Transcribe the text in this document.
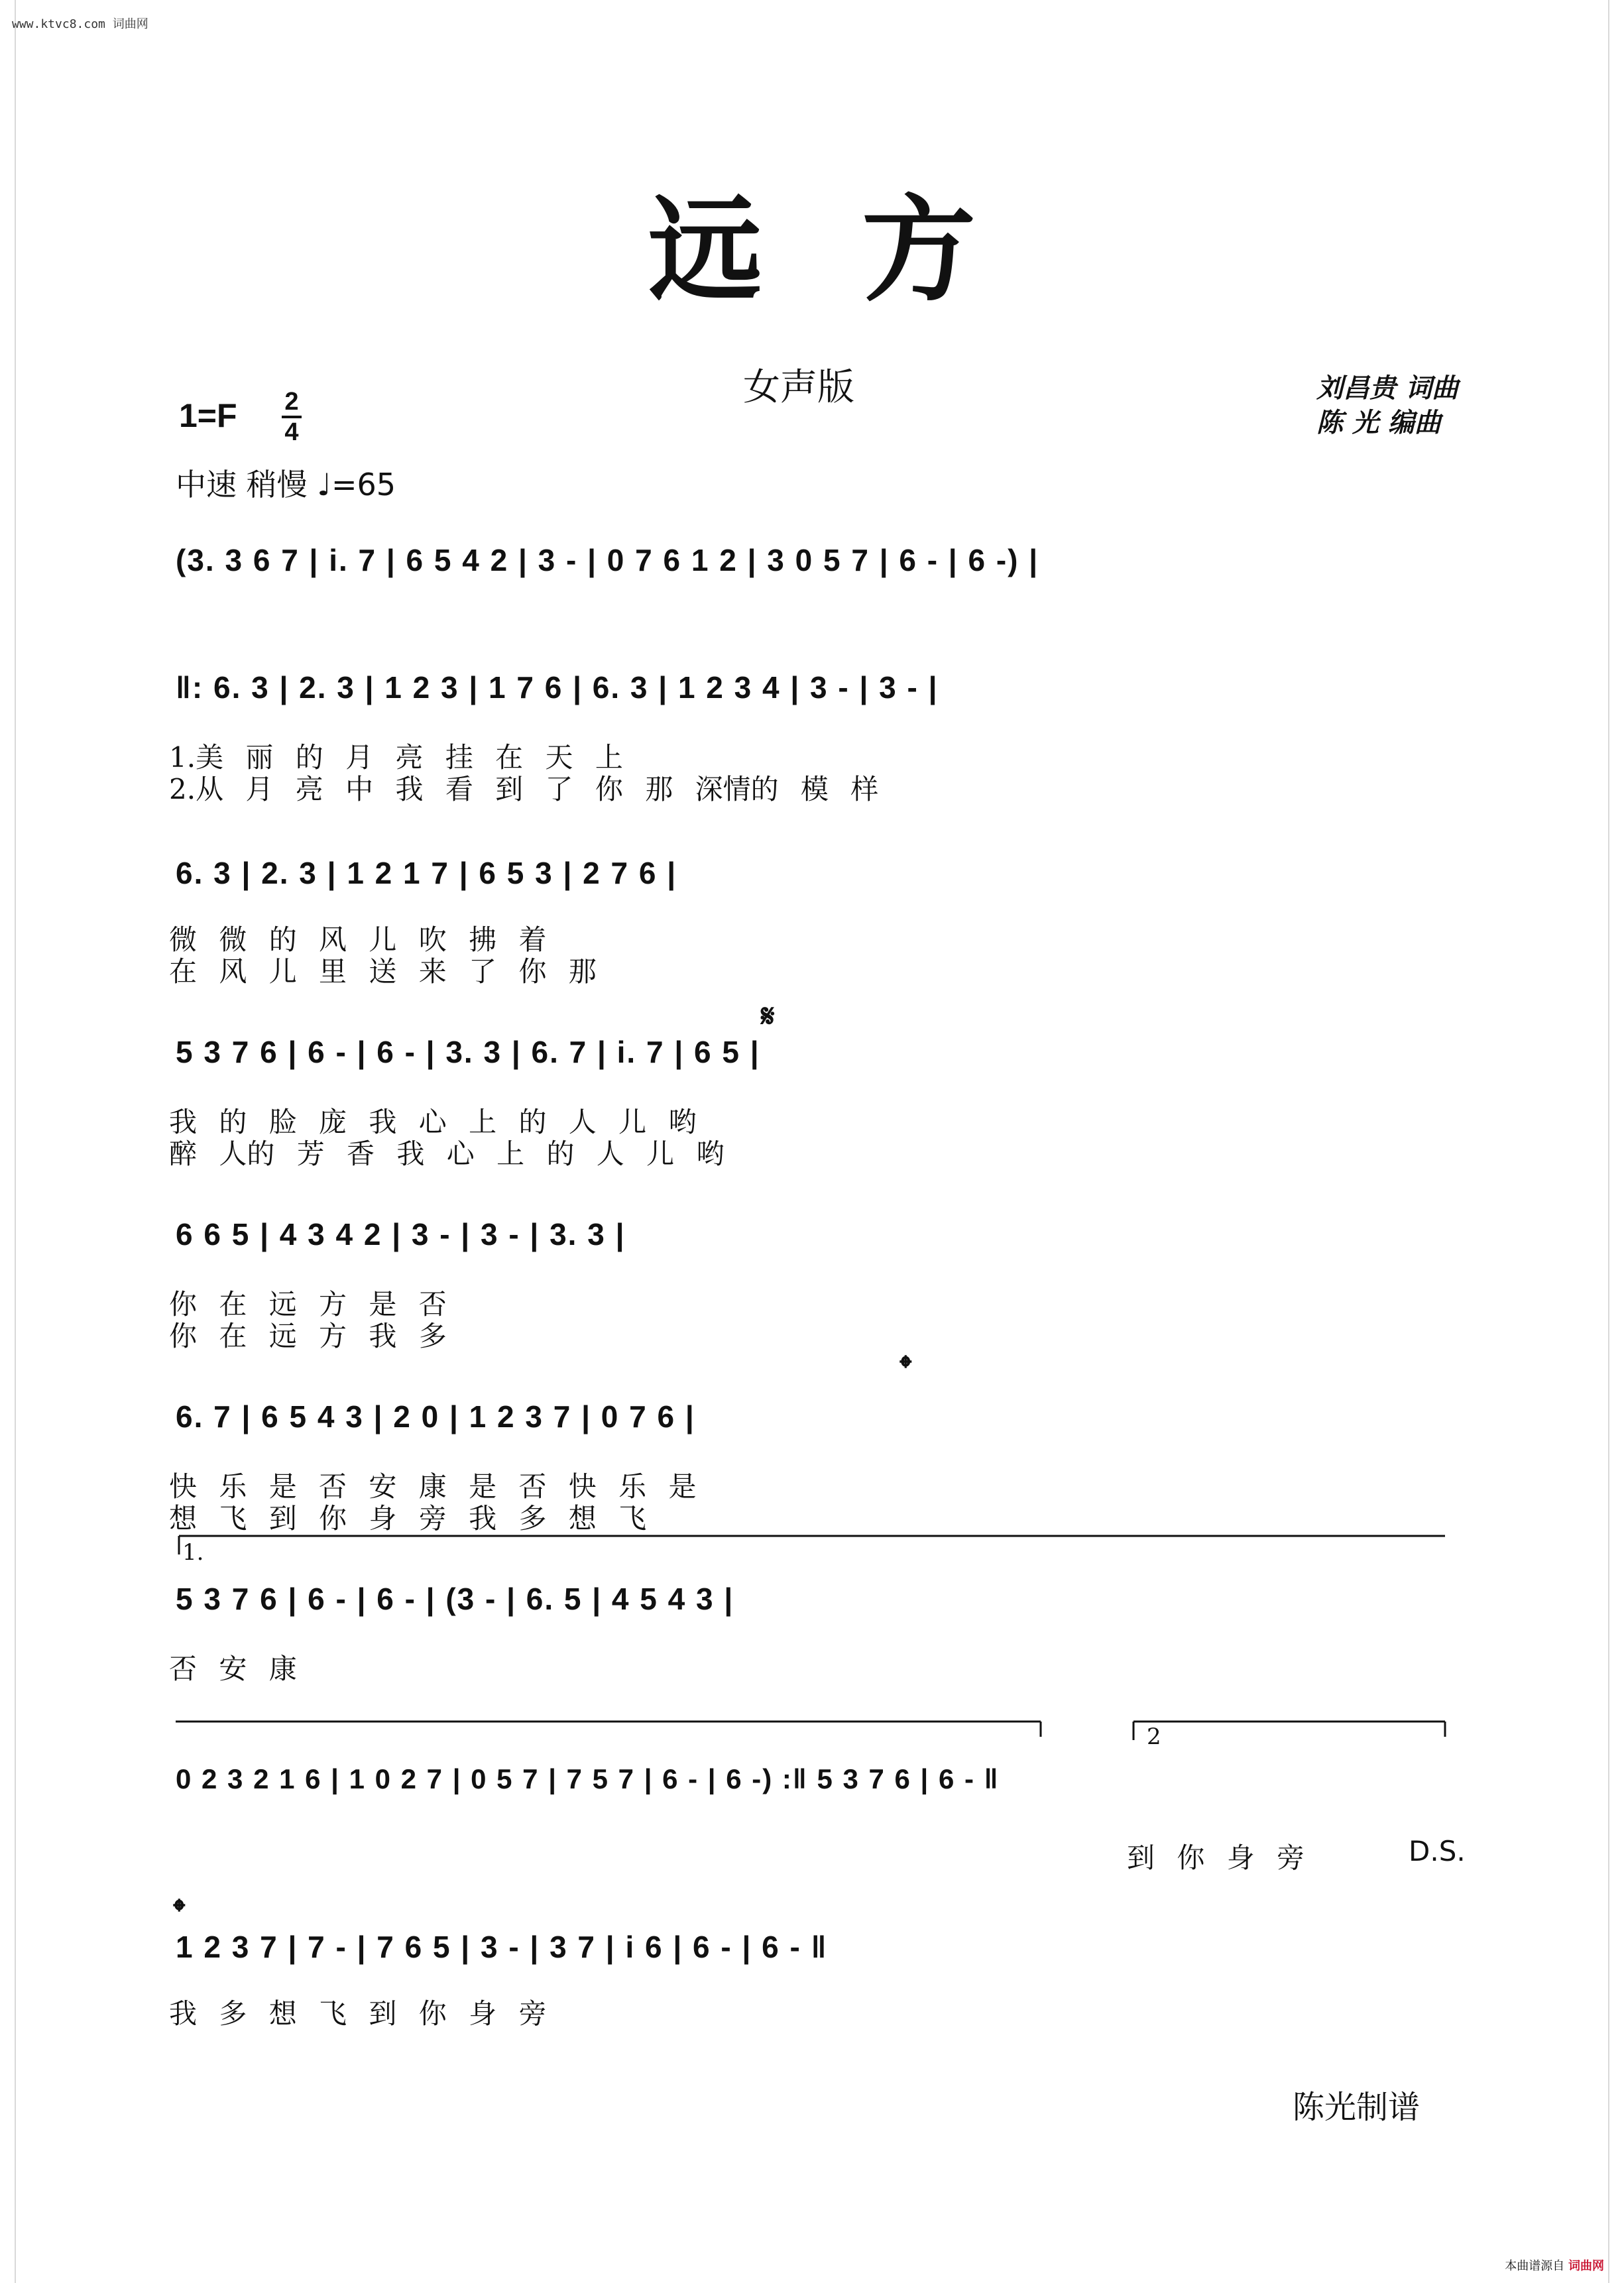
www.ktvc8.com 词曲网
远方
女声版	刘昌贵 词曲
陈 光 编曲
1=F 2
4
中速 稍慢 ♩=65
(3. 3 6 7 | i. 7 | 6 5 4 2 | 3 - | 0 7 6 1 2 | 3 0 5 7 | 6 - | 6 -) |
‖: 6. 3 | 2. 3 | 1 2 3 | 1 7 6 | 6. 3 | 1 2 3 4 | 3 - | 3 - |
1.美 丽 的 月 亮 挂 在 天 上
2.从 月 亮 中 我 看 到 了 你 那 深情的 模 样
6. 3 | 2. 3 | 1 2 1 7 | 6 5 3 | 2 7 6 |
微 微 的 风 儿 吹 拂 着
在 风 儿 里 送 来 了 你 那
𝄋
5 3 7 6 | 6 - | 6 - | 3. 3 | 6. 7 | i. 7 | 6 5 |
我 的 脸 庞 我 心 上 的 人 儿 哟
醉 人的 芳 香 我 心 上 的 人 儿 哟
6 6 5 | 4 3 4 2 | 3 - | 3 - | 3. 3 |
你 在 远 方 是 否
你 在 远 方 我 多
𝄌
6. 7 | 6 5 4 3 | 2 0 | 1 2 3 7 | 0 7 6 |
快 乐 是 否 安 康 是 否 快 乐 是
想 飞 到 你 身 旁 我 多 想 飞
1.
5 3 7 6 | 6 - | 6 - | (3 - | 6. 5 | 4 5 4 3 |
否 安 康
2
0 2 3 2 1 6 | 1 0 2 7 | 0 5 7 | 7 5 7 | 6 - | 6 -) :‖ 5 3 7 6 | 6 - ‖
到 你 身 旁	D.S.
𝄌
1 2 3 7 | 7 - | 7 6 5 | 3 - | 3 7 | i 6 | 6 - | 6 - ‖
我 多 想 飞 到 你 身 旁
陈光制谱
本曲谱源自 词曲网
